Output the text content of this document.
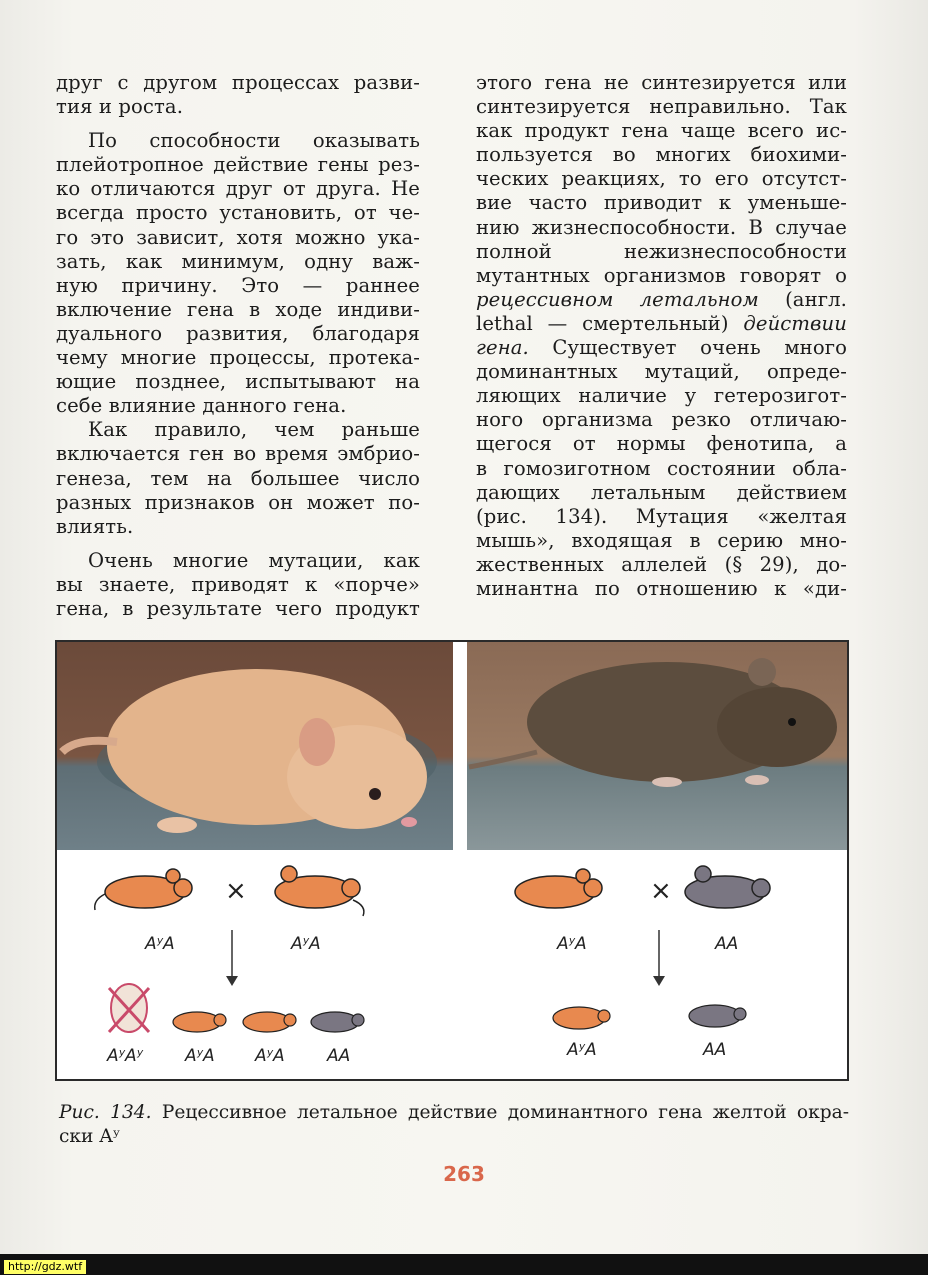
друг с другом процессах разви-
тия и роста.
По способности оказывать
плейотропное действие гены рез-
ко отличаются друг от друга. Не
всегда просто установить, от че-
го это зависит, хотя можно ука-
зать, как минимум, одну важ-
ную причину. Это — раннее
включение гена в ходе индиви-
дуального развития, благодаря
чему многие процессы, протека-
ющие позднее, испытывают на
себе влияние данного гена.
Как правило, чем раньше
включается ген во время эмбрио-
генеза, тем на большее число
разных признаков он может по-
влиять.
Очень многие мутации, как
вы знаете, приводят к «порче»
гена, в результате чего продукт
этого гена не синтезируется или
синтезируется неправильно. Так
как продукт гена чаще всего ис-
пользуется во многих биохими-
ческих реакциях, то его отсутст-
вие часто приводит к уменьше-
нию жизнеспособности. В случае
полной нежизнеспособности
мутантных организмов говорят о
рецессивном летальном (англ.
lethal — смертельный) действии
гена. Существует очень много
доминантных мутаций, опреде-
ляющих наличие у гетерозигот-
ного организма резко отличаю-
щегося от нормы фенотипа, а
в гомозиготном состоянии обла-
дающих летальным действием
(рис. 134). Мутация «желтая
мышь», входящая в серию мно-
жественных аллелей (§ 29), до-
минантна по отношению к «ди-
×
AʸA	AʸA
AʸAʸ AʸA AʸA AA
×
AʸA	AA
AʸA	AA
Рис. 134. Рецессивное летальное действие доминантного гена желтой окра-
ски Aʸ
263
http://gdz.wtf
